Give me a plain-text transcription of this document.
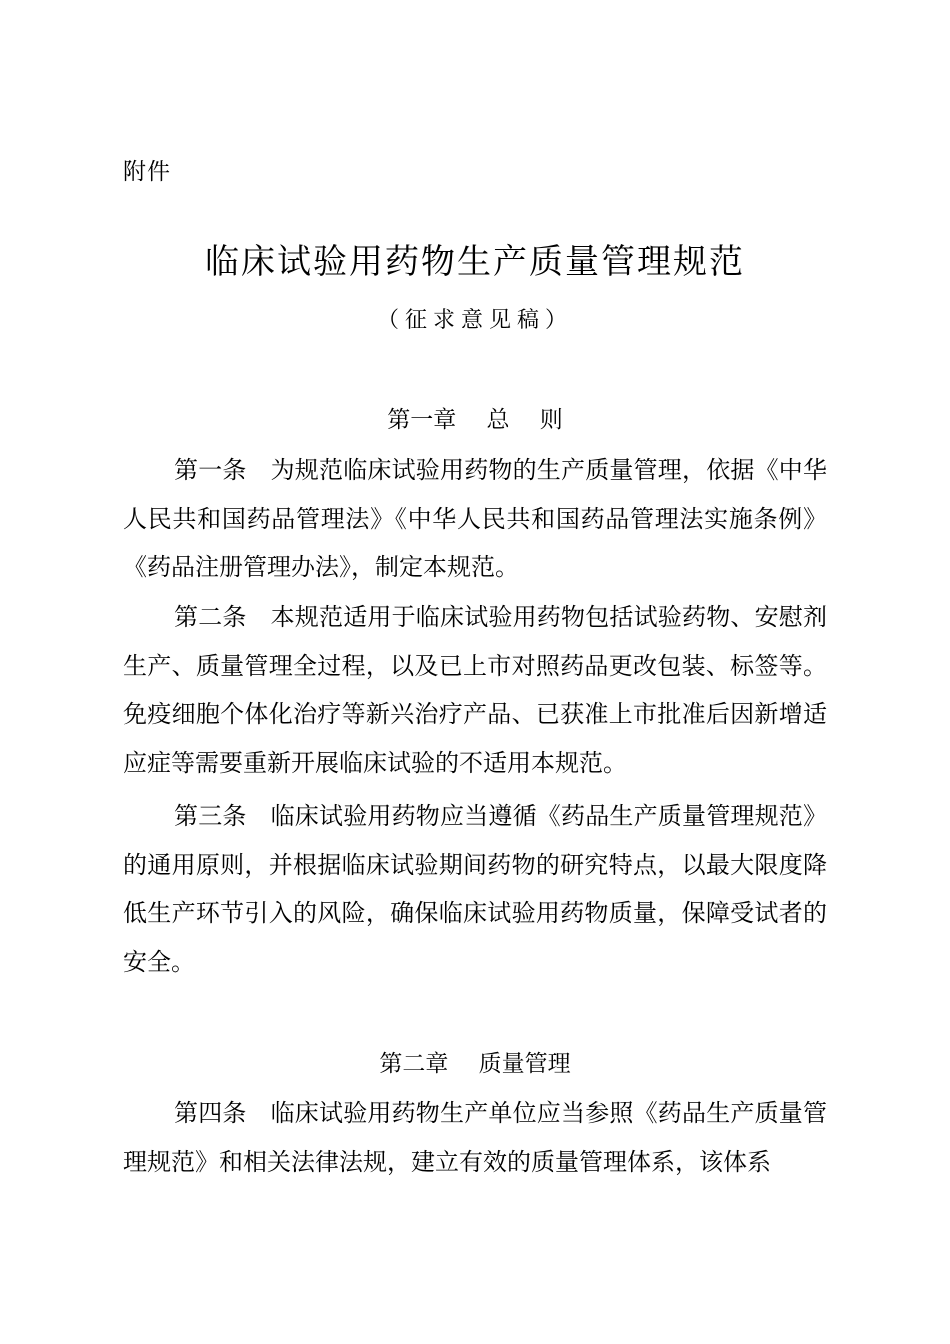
附件
临床试验用药物生产质量管理规范
（征求意见稿）
第一章　 总　 则

第一条 为规范临床试验用药物的生产质量管理，依据《中华人民共和国药品管理法》《中华人民共和国药品管理法实施条例》《药品注册管理办法》，制定本规范。

第二条 本规范适用于临床试验用药物包括试验药物、安慰剂生产、质量管理全过程，以及已上市对照药品更改包装、标签等。免疫细胞个体化治疗等新兴治疗产品、已获准上市批准后因新增适应症等需要重新开展临床试验的不适用本规范。

第三条 临床试验用药物应当遵循《药品生产质量管理规范》的通用原则，并根据临床试验期间药物的研究特点，以最大限度降低生产环节引入的风险，确保临床试验用药物质量，保障受试者的安全。

第二章　 质量管理

第四条 临床试验用药物生产单位应当参照《药品生产质量管理规范》和相关法律法规，建立有效的质量管理体系，该体系
